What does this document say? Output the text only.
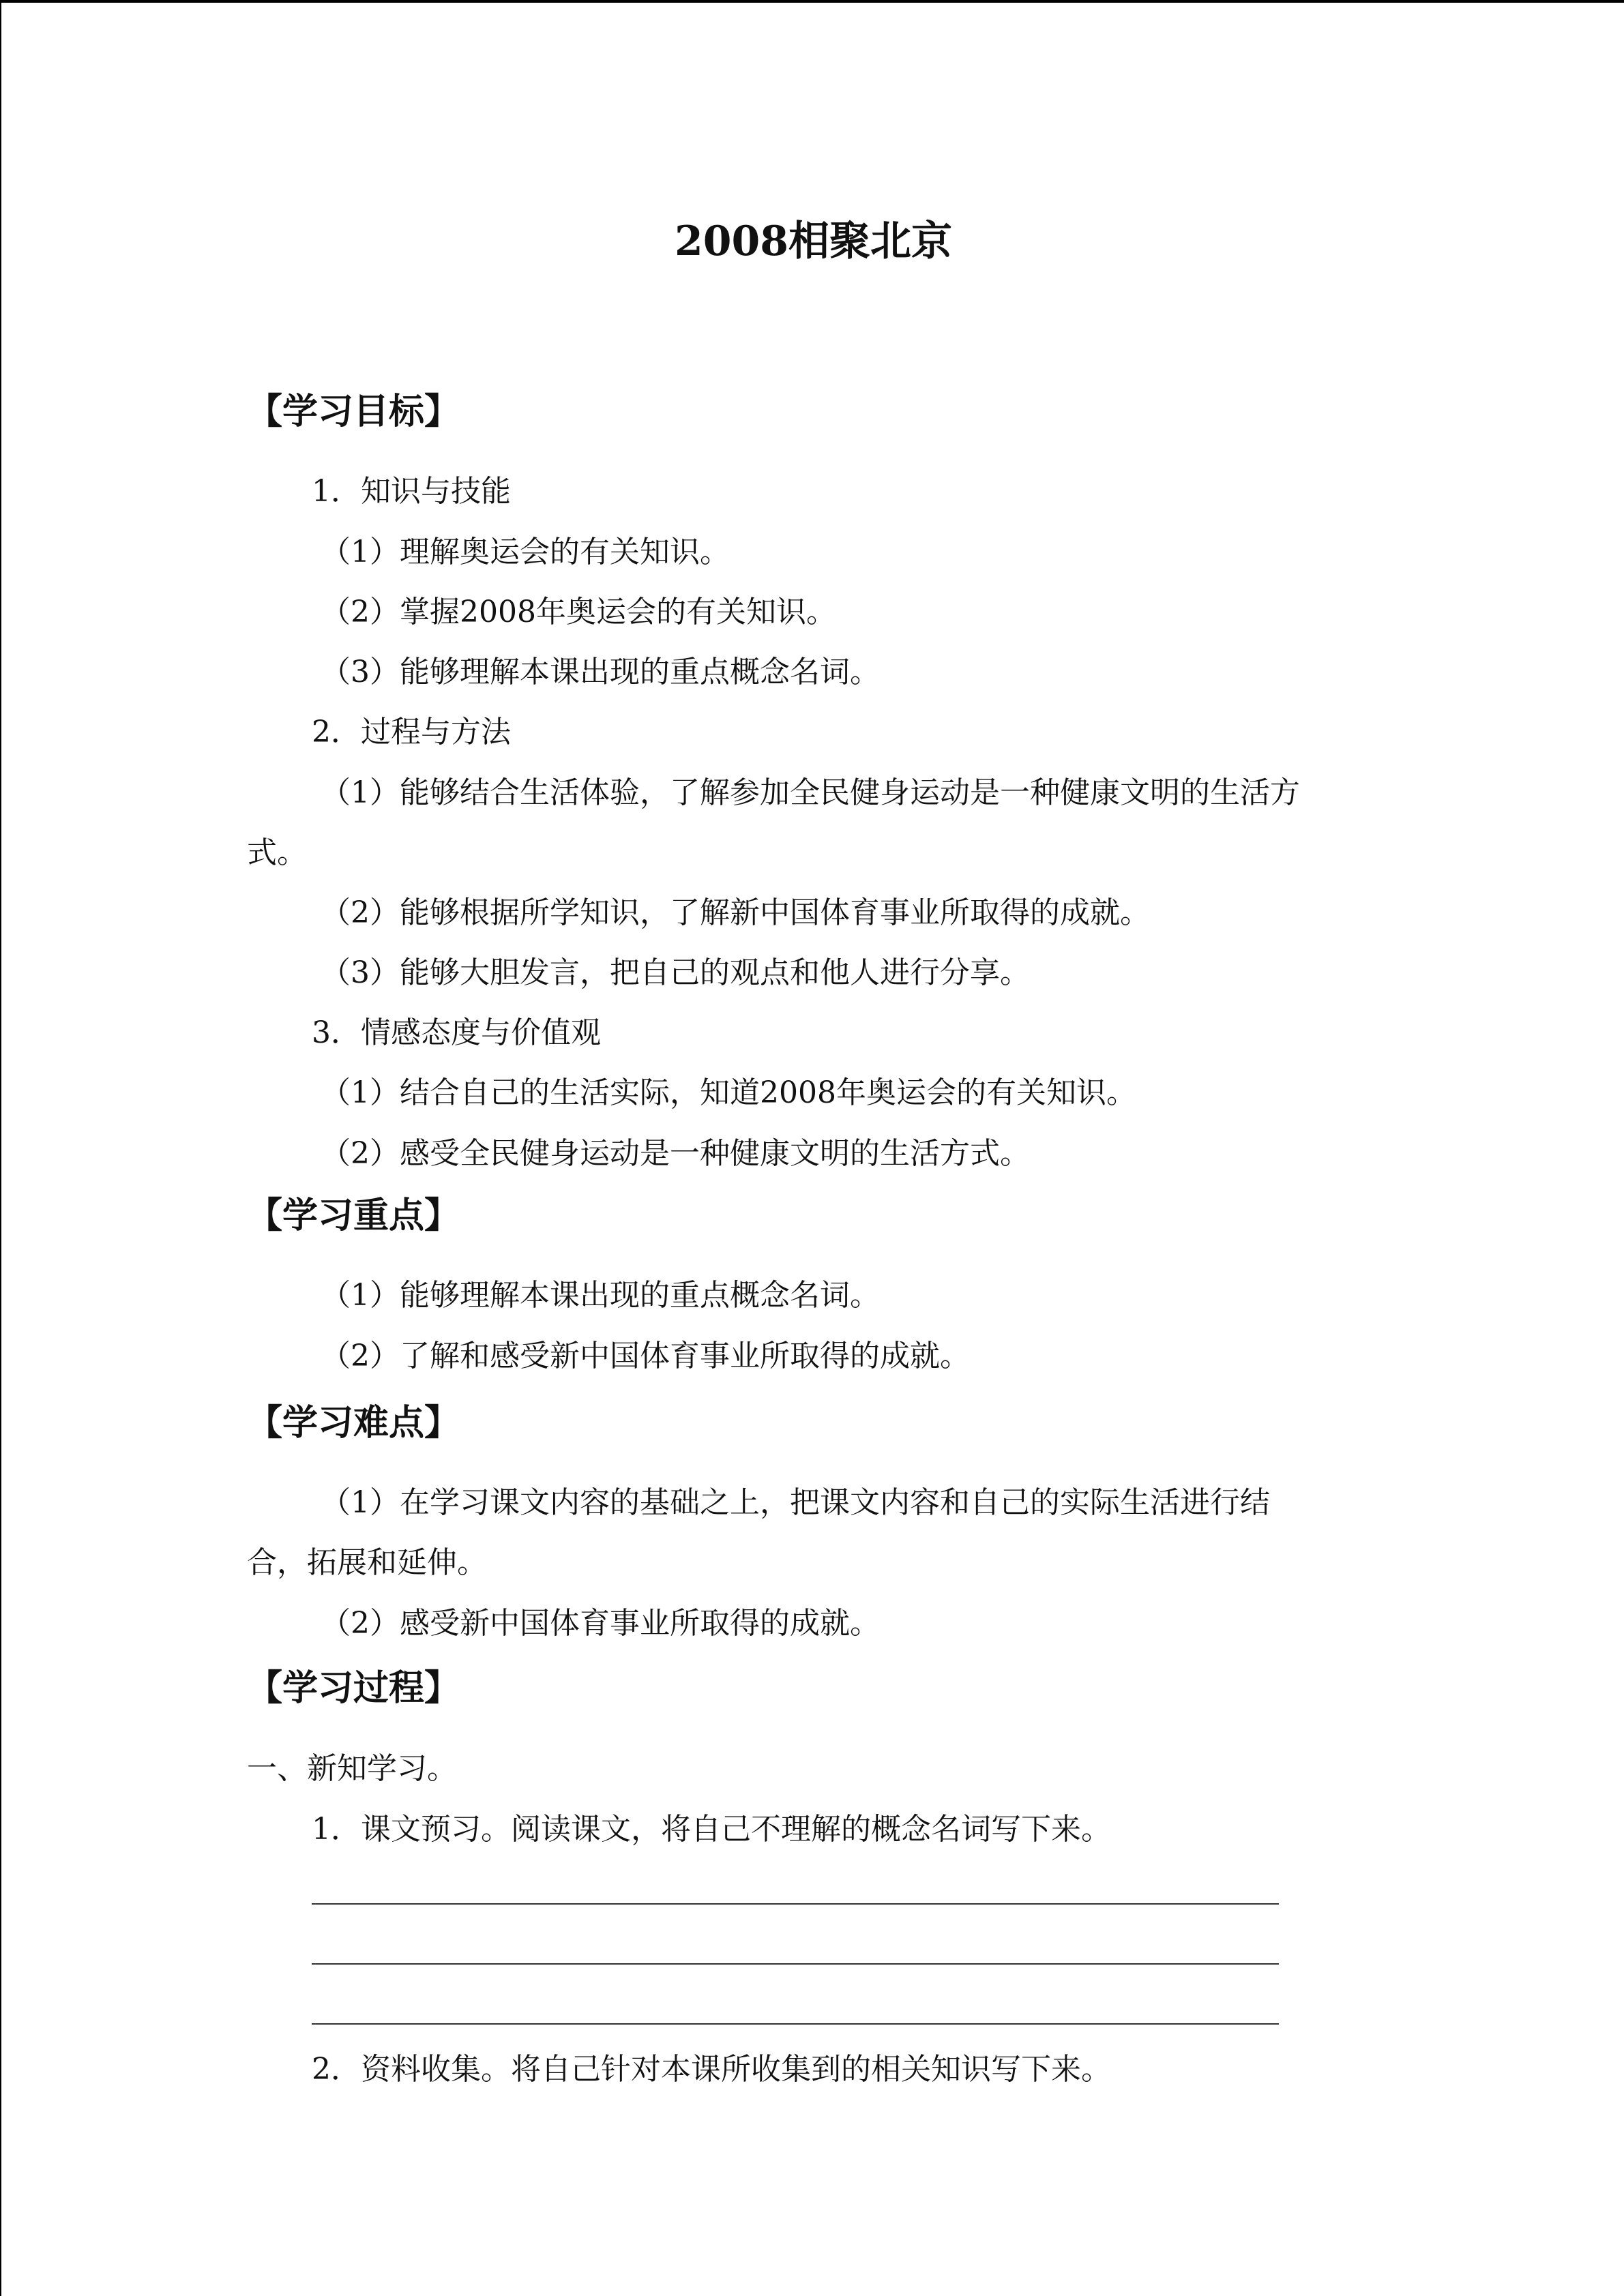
2008相聚北京
【学习目标】
1．知识与技能
（1）理解奥运会的有关知识。
（2）掌握2008年奥运会的有关知识。
（3）能够理解本课出现的重点概念名词。
2．过程与方法
（1）能够结合生活体验，了解参加全民健身运动是一种健康文明的生活方
式。
（2）能够根据所学知识，了解新中国体育事业所取得的成就。
（3）能够大胆发言，把自己的观点和他人进行分享。
3．情感态度与价值观
（1）结合自己的生活实际，知道2008年奥运会的有关知识。
（2）感受全民健身运动是一种健康文明的生活方式。
【学习重点】
（1）能够理解本课出现的重点概念名词。
（2）了解和感受新中国体育事业所取得的成就。
【学习难点】
（1）在学习课文内容的基础之上，把课文内容和自己的实际生活进行结
合，拓展和延伸。
（2）感受新中国体育事业所取得的成就。
【学习过程】
一、新知学习。
1．课文预习。阅读课文，将自己不理解的概念名词写下来。
2．资料收集。将自己针对本课所收集到的相关知识写下来。
